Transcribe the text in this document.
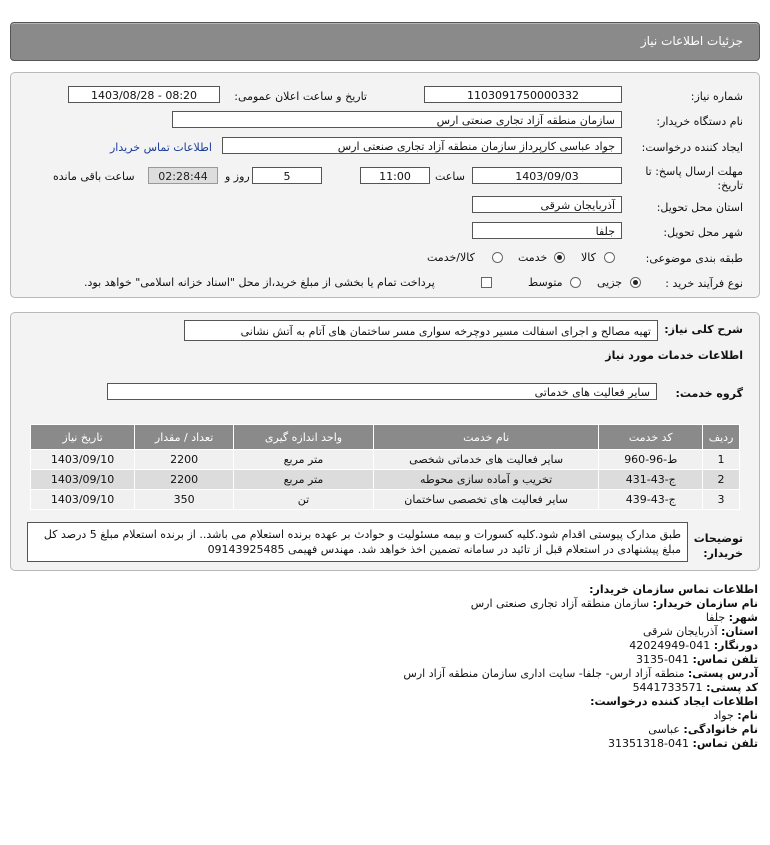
جزئیات اطلاعات نیاز
شماره نیاز:
1103091750000332
تاریخ و ساعت اعلان عمومی:
1403/08/28 - 08:20
نام دستگاه خریدار:
سازمان منطقه آزاد تجاری صنعتی ارس
ایجاد کننده درخواست:
جواد عباسی کارپرداز سازمان منطقه آزاد تجاری صنعتی ارس
اطلاعات تماس خریدار
مهلت ارسال پاسخ: تا
تاریخ:
1403/09/03
ساعت
11:00
5
روز و
02:28:44
ساعت باقی مانده
استان محل تحویل:
آذربایجان شرقی
شهر محل تحویل:
جلفا
طبقه بندی موضوعی:
کالا
خدمت
کالا/خدمت
نوع فرآیند خرید :
جزیی
متوسط
پرداخت تمام یا بخشی از مبلغ خرید،از محل "اسناد خزانه اسلامی" خواهد بود.
شرح کلی نیاز:
تهیه مصالح و اجرای اسفالت مسیر دوچرخه سواری مسر ساختمان های آتام به آتش نشانی
اطلاعات خدمات مورد نیاز
گروه خدمت:
سایر فعالیت های خدماتی
ردیف	کد خدمت	نام خدمت	واحد اندازه گیری	تعداد / مقدار	تاریخ نیاز
1	ط-96-960	سایر فعالیت های خدماتی شخصی	متر مربع	2200	1403/09/10
2	ج-43-431	تخریب و آماده سازی محوطه	متر مربع	2200	1403/09/10
3	ج-43-439	سایر فعالیت های تخصصی ساختمان	تن	350	1403/09/10
توضیحات خریدار:
طبق مدارک پیوستی اقدام شود.کلیه کسورات و بیمه مسئولیت و حوادث بر عهده برنده استعلام می باشد.. از برنده استعلام مبلغ 5 درصد کل مبلغ پیشنهادی در استعلام قبل از تائید در سامانه تضمین اخذ خواهد شد. مهندس فهیمی 09143925485
اطلاعات تماس سازمان خریدار:
نام سازمان خریدار: سازمان منطقه آزاد تجاری صنعتی ارس
شهر: جلفا
استان: آذربایجان شرقی
دورنگار: 041-42024949
تلفن تماس: 041-3135
آدرس پستی: منطقه آزاد ارس- جلفا- سایت اداری سازمان منطقه آزاد ارس
کد پستی: 5441733571
اطلاعات ایجاد کننده درخواست:
نام: جواد
نام خانوادگی: عباسی
تلفن تماس: 041-31351318
